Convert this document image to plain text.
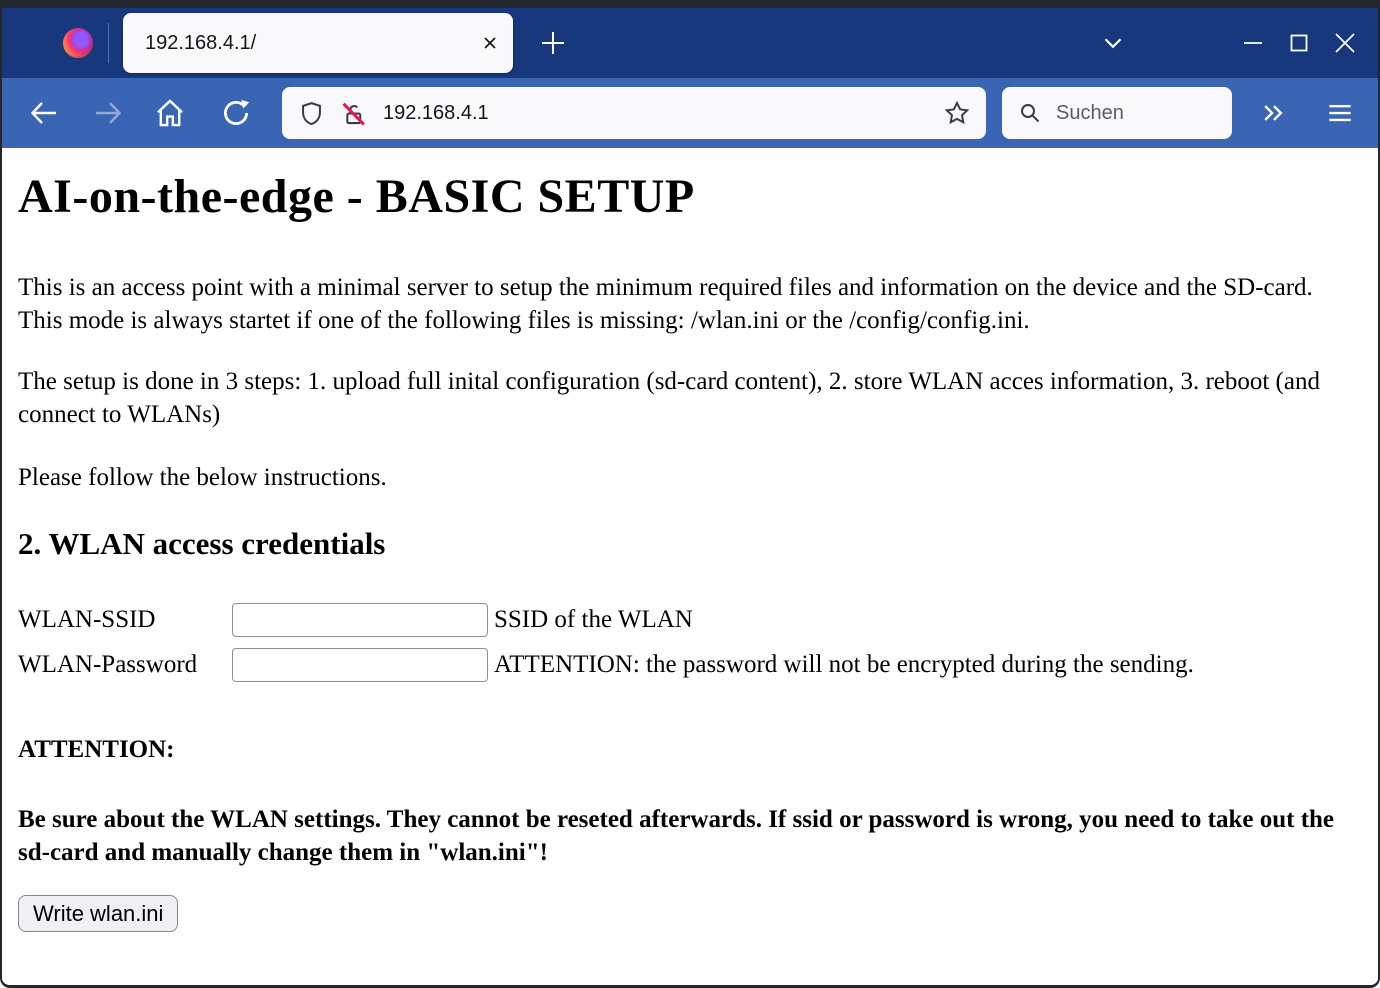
192.168.4.1/
192.168.4.1
Suchen
AI-on-the-edge - BASIC SETUP

This is an access point with a minimal server to setup the minimum required files and information on the device and the SD-card. This mode is always startet if one of the following files is missing: /wlan.ini or the /config/config.ini.

The setup is done in 3 steps: 1. upload full inital configuration (sd-card content), 2. store WLAN acces information, 3. reboot (and connect to WLANs)

Please follow the below instructions.

2. WLAN access credentials
WLAN-SSID		SSID of the WLAN
WLAN-Password		ATTENTION: the password will not be encrypted during the sending.

ATTENTION:

Be sure about the WLAN settings. They cannot be reseted afterwards. If ssid or password is wrong, you need to take out the sd-card and manually change them in "wlan.ini"!

Write wlan.ini
